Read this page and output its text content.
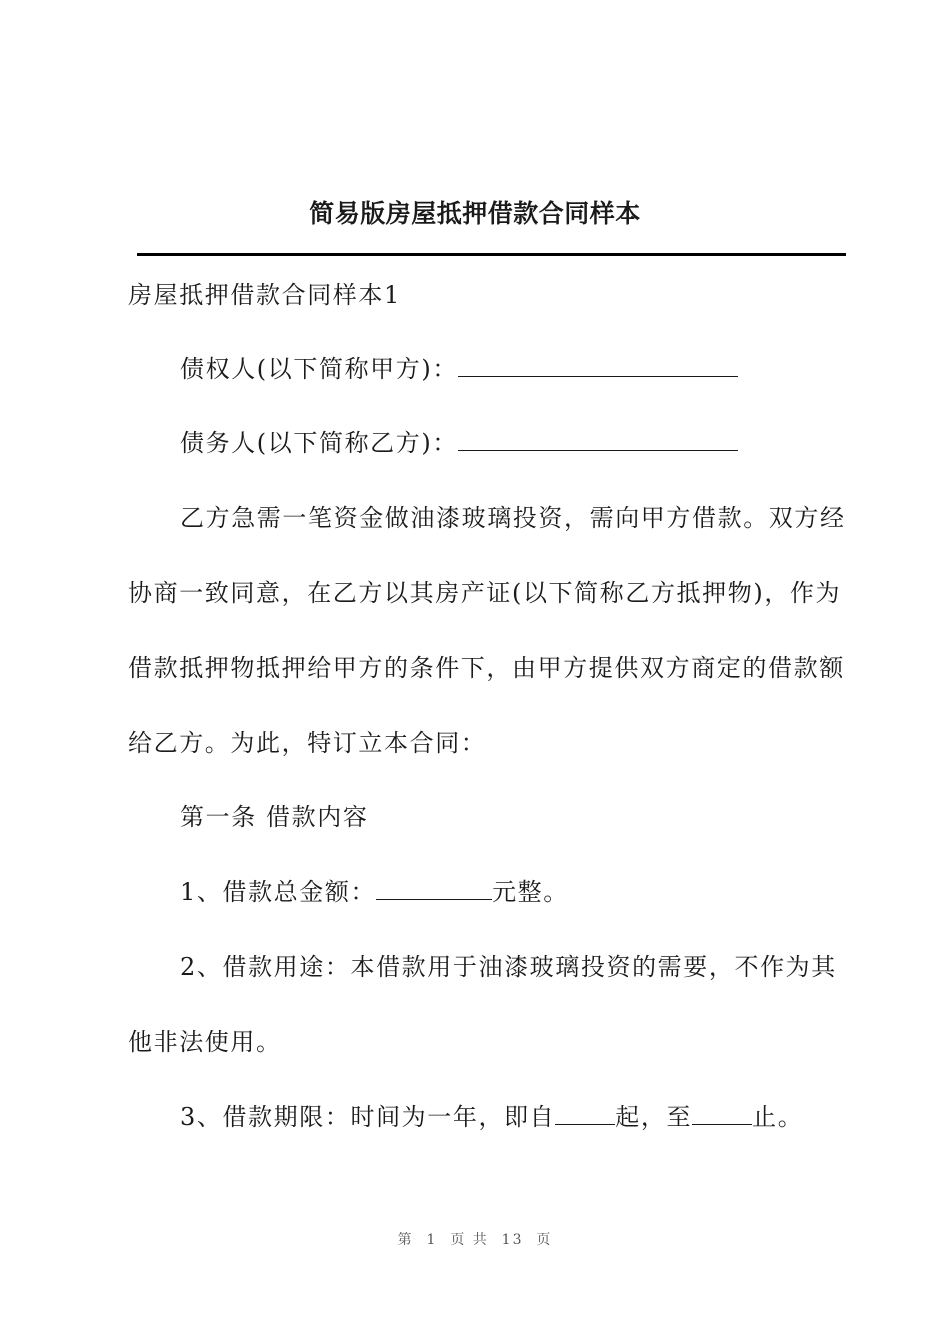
简易版房屋抵押借款合同样本
房屋抵押借款合同样本1
债权人(以下简称甲方)：
债务人(以下简称乙方)：
乙方急需一笔资金做油漆玻璃投资，需向甲方借款。双方经
协商一致同意，在乙方以其房产证(以下简称乙方抵押物)，作为
借款抵押物抵押给甲方的条件下，由甲方提供双方商定的借款额
给乙方。为此，特订立本合同：
第一条 借款内容
1、借款总金额：	元整。
2、借款用途：本借款用于油漆玻璃投资的需要，不作为其
他非法使用。
3、借款期限：时间为一年，即自	起，至	止。
第  1  页 共  13  页
